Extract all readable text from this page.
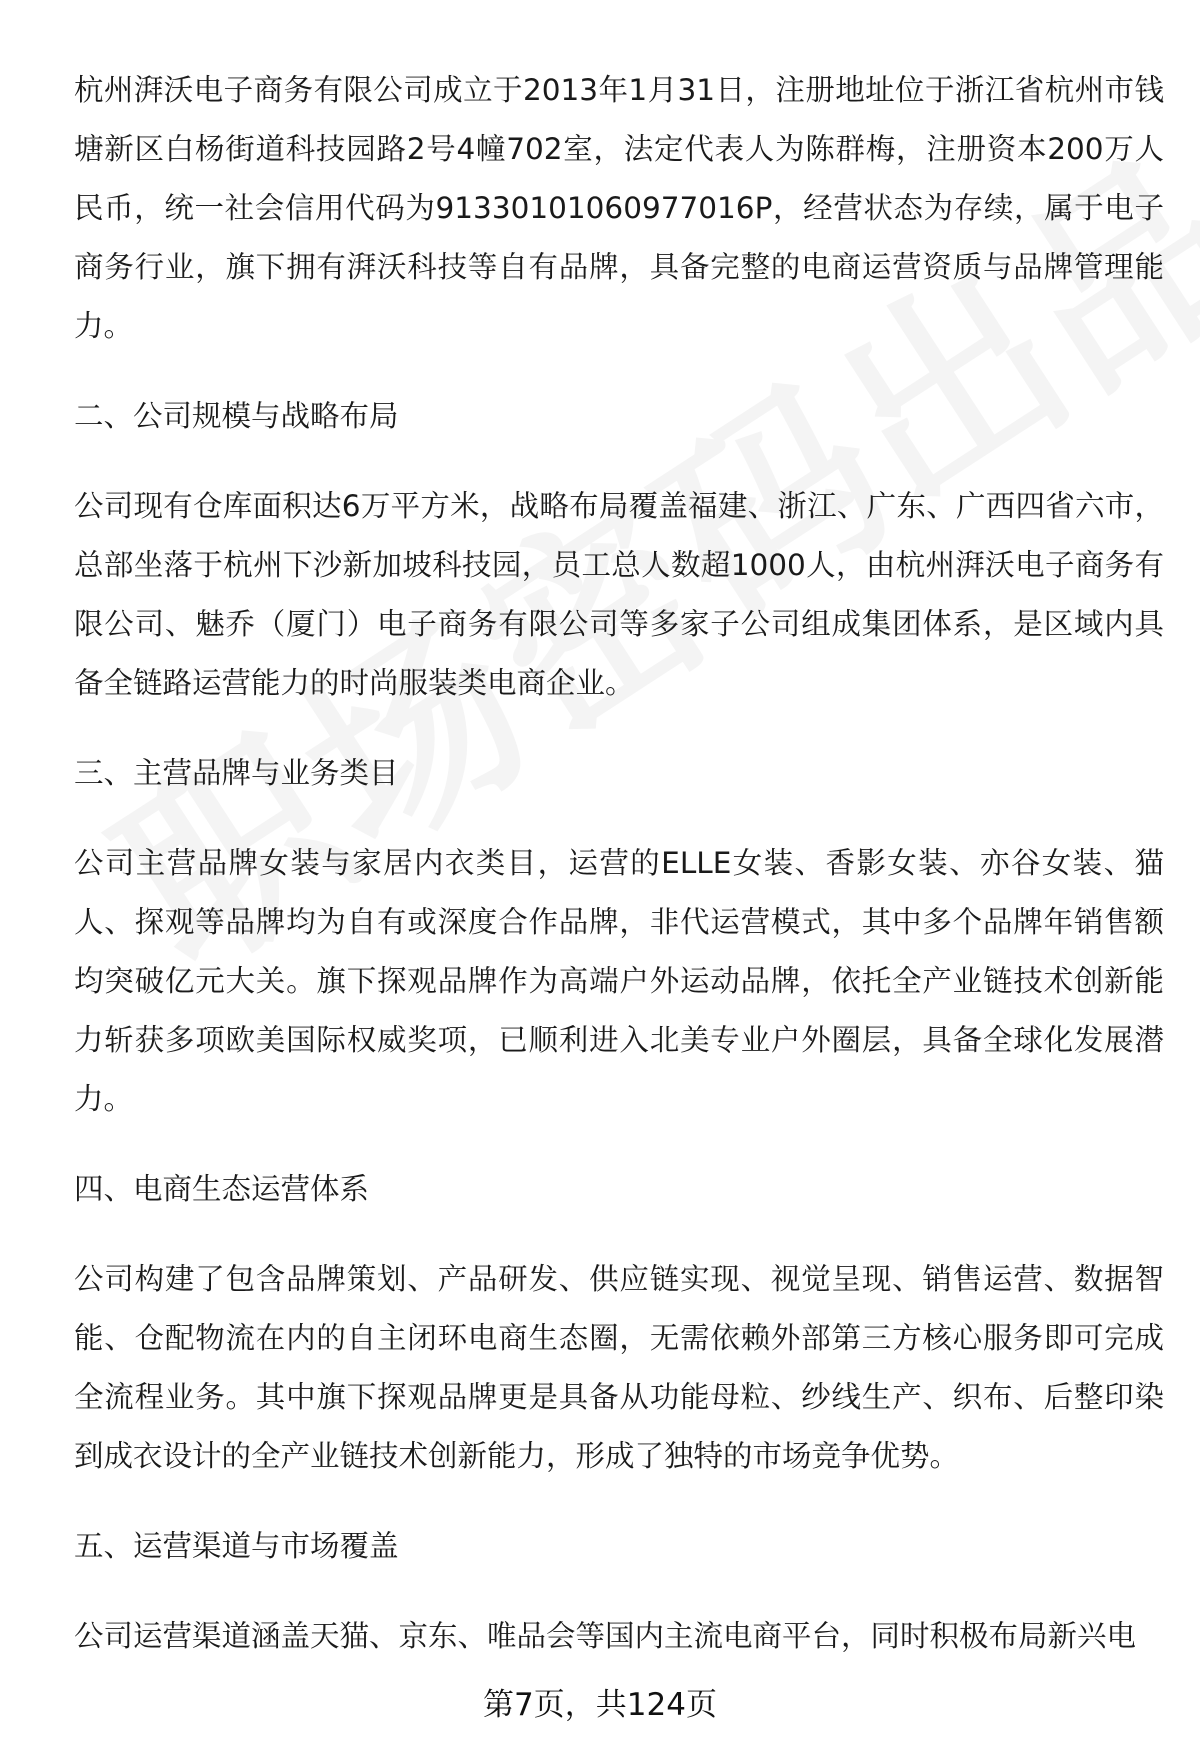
杭州湃沃电子商务有限公司成立于2013年1月31日，注册地址位于浙江省杭州市钱塘新区白杨街道科技园路2号4幢702室，法定代表人为陈群梅，注册资本200万人民币，统一社会信用代码为91330101060977016P，经营状态为存续，属于电子商务行业，旗下拥有湃沃科技等自有品牌，具备完整的电商运营资质与品牌管理能力。

二、公司规模与战略布局

公司现有仓库面积达6万平方米，战略布局覆盖福建、浙江、广东、广西四省六市，总部坐落于杭州下沙新加坡科技园，员工总人数超1000人，由杭州湃沃电子商务有限公司、魅乔（厦门）电子商务有限公司等多家子公司组成集团体系，是区域内具备全链路运营能力的时尚服装类电商企业。

三、主营品牌与业务类目

公司主营品牌女装与家居内衣类目，运营的ELLE女装、香影女装、亦谷女装、猫人、探观等品牌均为自有或深度合作品牌，非代运营模式，其中多个品牌年销售额均突破亿元大关。旗下探观品牌作为高端户外运动品牌，依托全产业链技术创新能力斩获多项欧美国际权威奖项，已顺利进入北美专业户外圈层，具备全球化发展潜力。

四、电商生态运营体系

公司构建了包含品牌策划、产品研发、供应链实现、视觉呈现、销售运营、数据智能、仓配物流在内的自主闭环电商生态圈，无需依赖外部第三方核心服务即可完成全流程业务。其中旗下探观品牌更是具备从功能母粒、纱线生产、织布、后整印染到成衣设计的全产业链技术创新能力，形成了独特的市场竞争优势。

五、运营渠道与市场覆盖

公司运营渠道涵盖天猫、京东、唯品会等国内主流电商平台，同时积极布局新兴电

第7页，共124页
